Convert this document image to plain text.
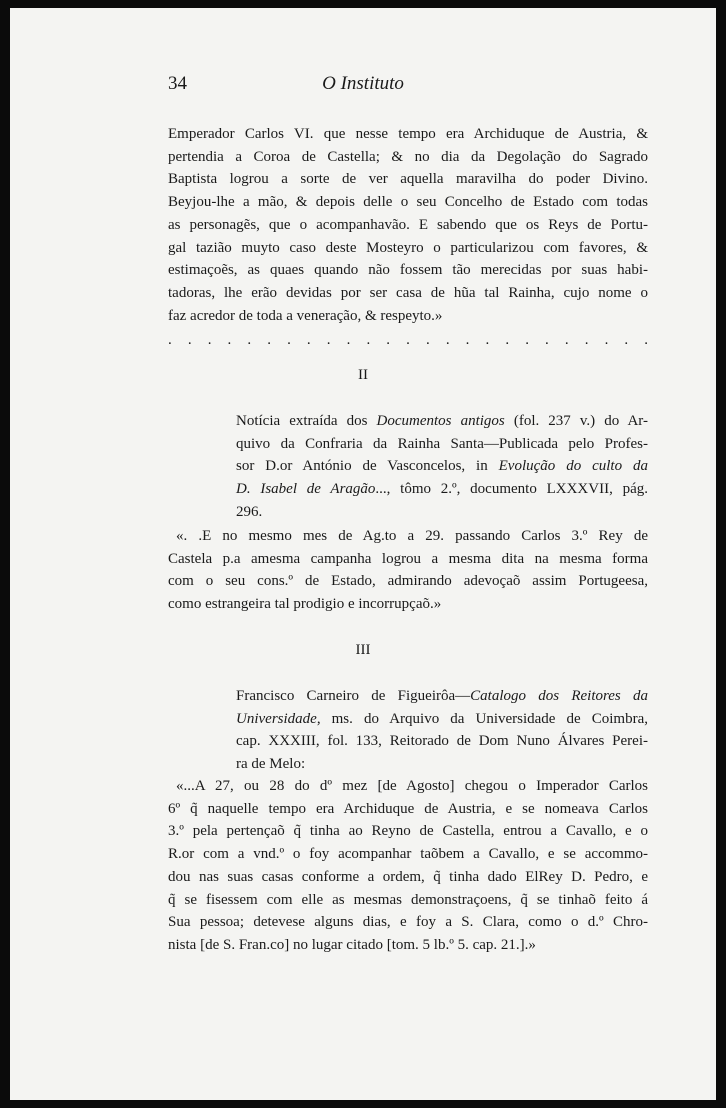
34	O Instituto
Emperador Carlos VI. que nesse tempo era Archiduque de Austria, &
pertendia a Coroa de Castella; & no dia da Degolação do Sagrado
Baptista logrou a sorte de ver aquella maravilha do poder Divino.
Beyjou-lhe a mão, & depois delle o seu Concelho de Estado com todas
as personagẽs, que o acompanhavão. E sabendo que os Reys de Portu-
gal tazião muyto caso deste Mosteyro o particularizou com favores, &
estimaçoẽs, as quaes quando não fossem tão merecidas por suas habi-
tadoras, lhe erão devidas por ser casa de hũa tal Rainha, cujo nome o
faz acredor de toda a veneração, & respeyto.»
. . . . . . . . . . . . . . . . . . . . . . . . .
II
Notícia extraída dos Documentos antigos (fol. 237 v.) do Ar-
quivo da Confraria da Rainha Santa—Publicada pelo Profes-
sor D.or António de Vasconcelos, in Evolução do culto da
D. Isabel de Aragão..., tômo 2.º, documento LXXXVII, pág.
296.
«. .E no mesmo mes de Ag.to a 29. passando Carlos 3.º Rey de
Castela p.a amesma campanha logrou a mesma dita na mesma forma
com o seu cons.º de Estado, admirando adevoçaõ assim Portugeesa,
como estrangeira tal prodigio e incorrupçaõ.»
III
Francisco Carneiro de Figueirôa—Catalogo dos Reitores da
Universidade, ms. do Arquivo da Universidade de Coimbra,
cap. XXXIII, fol. 133, Reitorado de Dom Nuno Álvares Perei-
ra de Melo:
«...A 27, ou 28 do dº mez [de Agosto] chegou o Imperador Carlos
6º q̃ naquelle tempo era Archiduque de Austria, e se nomeava Carlos
3.º pela pertençaõ q̃ tinha ao Reyno de Castella, entrou a Cavallo, e o
R.or com a vnd.º o foy acompanhar taõbem a Cavallo, e se accommo-
dou nas suas casas conforme a ordem, q̃ tinha dado ElRey D. Pedro, e
q̃ se fisessem com elle as mesmas demonstraçoens, q̃ se tinhaõ feito á
Sua pessoa; detevese alguns dias, e foy a S. Clara, como o d.º Chro-
nista [de S. Fran.co] no lugar citado [tom. 5 lb.º 5. cap. 21.].»
